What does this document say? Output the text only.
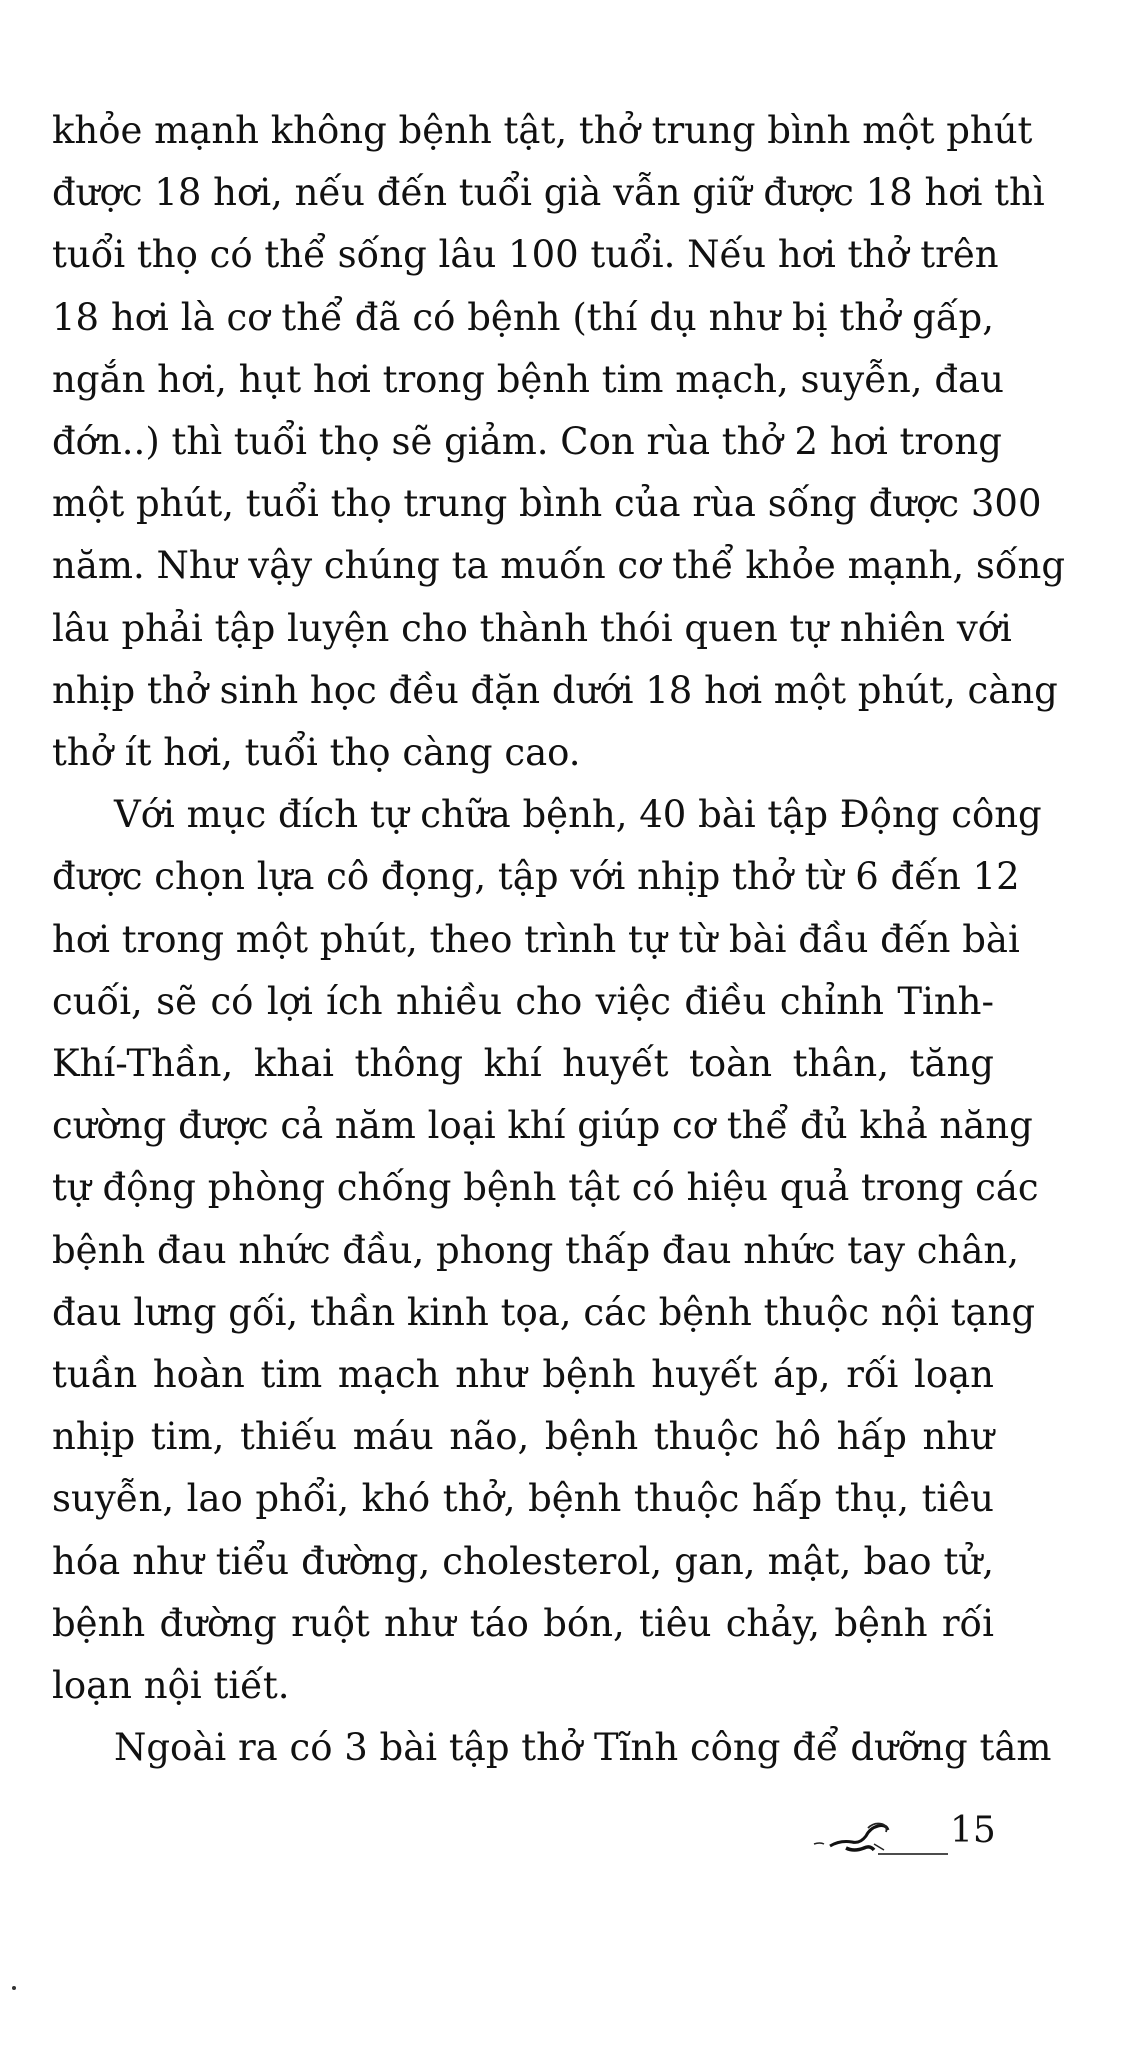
khỏe mạnh không bệnh tật, thở trung bình một phút
được 18 hơi, nếu đến tuổi già vẫn giữ được 18 hơi thì
tuổi thọ có thể sống lâu 100 tuổi. Nếu hơi thở trên
18 hơi là cơ thể đã có bệnh (thí dụ như bị thở gấp,
ngắn hơi, hụt hơi trong bệnh tim mạch, suyễn, đau
đớn..) thì tuổi thọ sẽ giảm. Con rùa thở 2 hơi trong
một phút, tuổi thọ trung bình của rùa sống được 300
năm. Như vậy chúng ta muốn cơ thể khỏe mạnh, sống
lâu phải tập luyện cho thành thói quen tự nhiên với
nhịp thở sinh học đều đặn dưới 18 hơi một phút, càng
thở ít hơi, tuổi thọ càng cao.
Với mục đích tự chữa bệnh, 40 bài tập Động công
được chọn lựa cô đọng, tập với nhịp thở từ 6 đến 12
hơi trong một phút, theo trình tự từ bài đầu đến bài
cuối, sẽ có lợi ích nhiều cho việc điều chỉnh Tinh-
Khí-Thần, khai thông khí huyết toàn thân, tăng
cường được cả năm loại khí giúp cơ thể đủ khả năng
tự động phòng chống bệnh tật có hiệu quả trong các
bệnh đau nhức đầu, phong thấp đau nhức tay chân,
đau lưng gối, thần kinh tọa, các bệnh thuộc nội tạng
tuần hoàn tim mạch như bệnh huyết áp, rối loạn
nhịp tim, thiếu máu não, bệnh thuộc hô hấp như
suyễn, lao phổi, khó thở, bệnh thuộc hấp thụ, tiêu
hóa như tiểu đường, cholesterol, gan, mật, bao tử,
bệnh đường ruột như táo bón, tiêu chảy, bệnh rối
loạn nội tiết.
Ngoài ra có 3 bài tập thở Tĩnh công để dưỡng tâm
15
